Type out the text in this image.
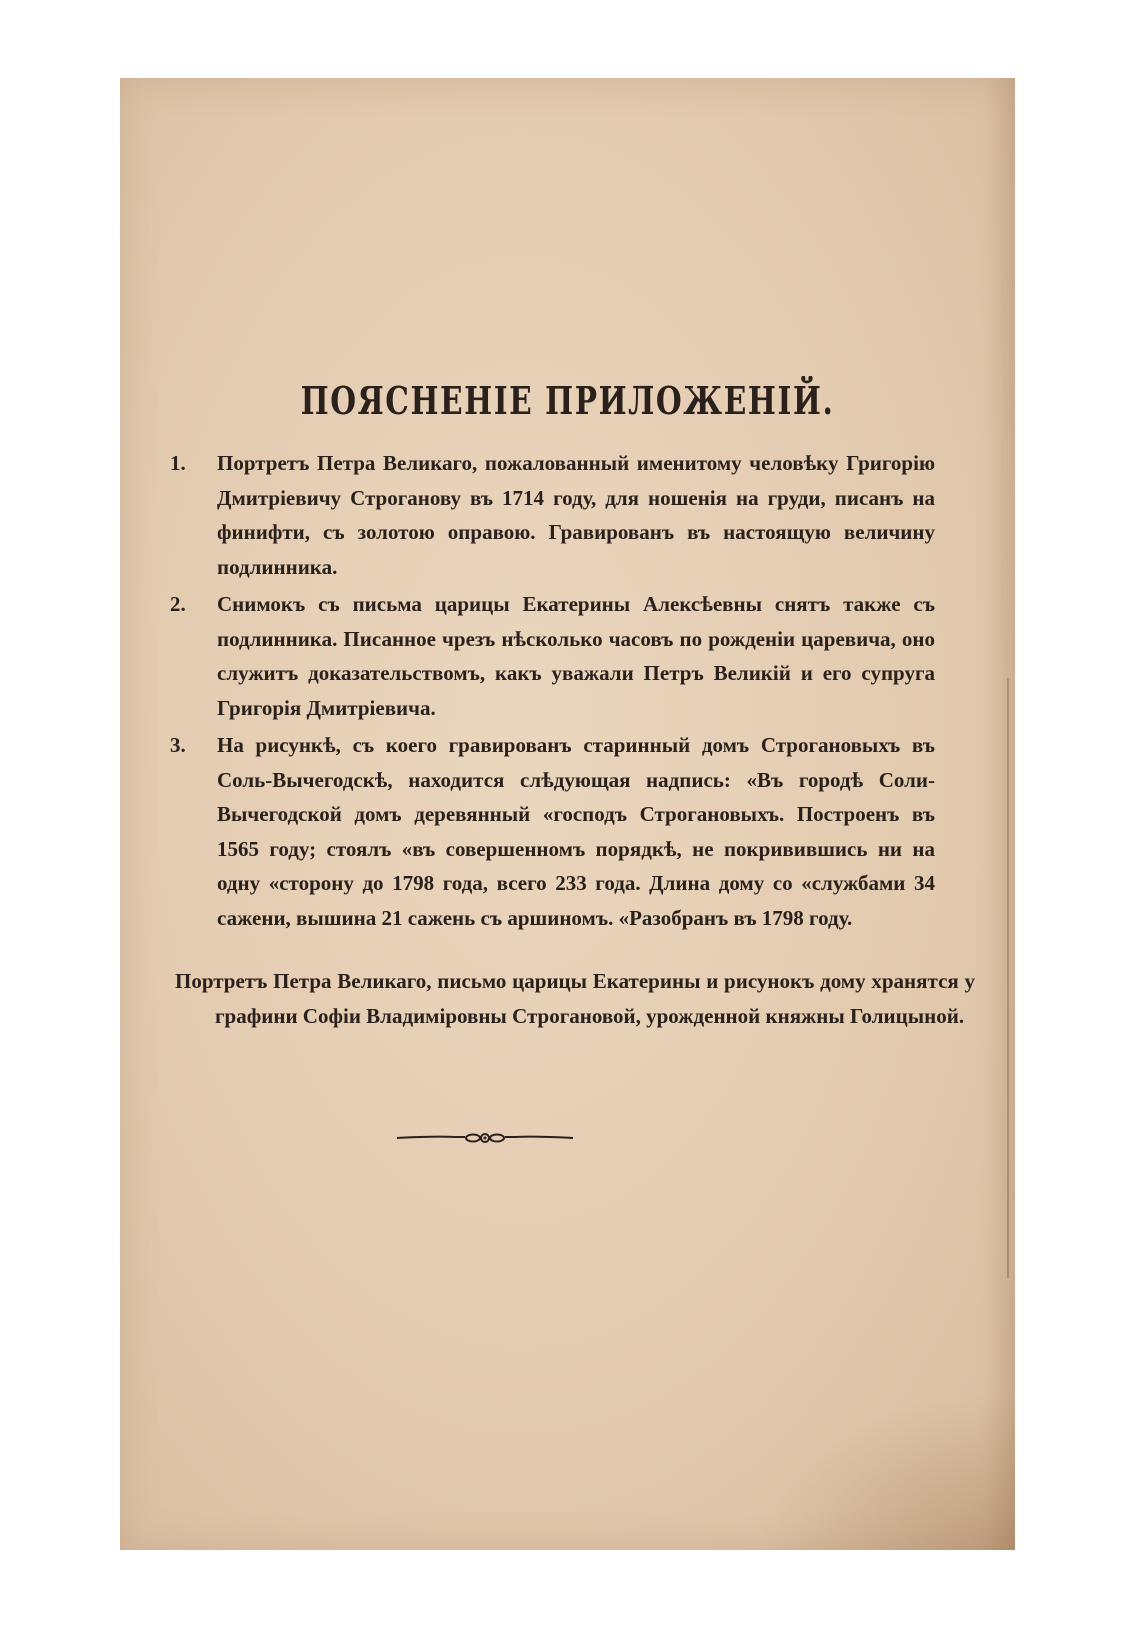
ПОЯСНЕНІЕ ПРИЛОЖЕНІЙ.
1.	Портретъ Петра Великаго, пожалованный именитому человѣку Григорію Дмитріевичу Строганову въ 1714 году, для ношенія на груди, писанъ на финифти, съ золотою оправою. Гравированъ въ настоящую величину подлинника.
2.	Снимокъ съ письма царицы Екатерины Алексѣевны снятъ также съ подлинника. Писанное чрезъ нѣсколько часовъ по рожденіи царевича, оно служитъ доказательствомъ, какъ уважали Петръ Великій и его супруга Григорія Дмитріевича.
3.	На рисункѣ, съ коего гравированъ старинный домъ Строгановыхъ въ Соль-Вычегодскѣ, находится слѣдующая надпись: «Въ городѣ Соли-Вычегодской домъ деревянный «господъ Строгановыхъ. Построенъ въ 1565 году; стоялъ «въ совершенномъ порядкѣ, не покривившись ни на одну «сторону до 1798 года, всего 233 года. Длина дому со «службами 34 сажени, вышина 21 сажень съ аршиномъ. «Разобранъ въ 1798 году.
Портретъ Петра Великаго, письмо царицы Екатерины и рисунокъ дому хранятся у графини Софіи Владиміровны Строгановой, урожденной княжны Голицыной.
